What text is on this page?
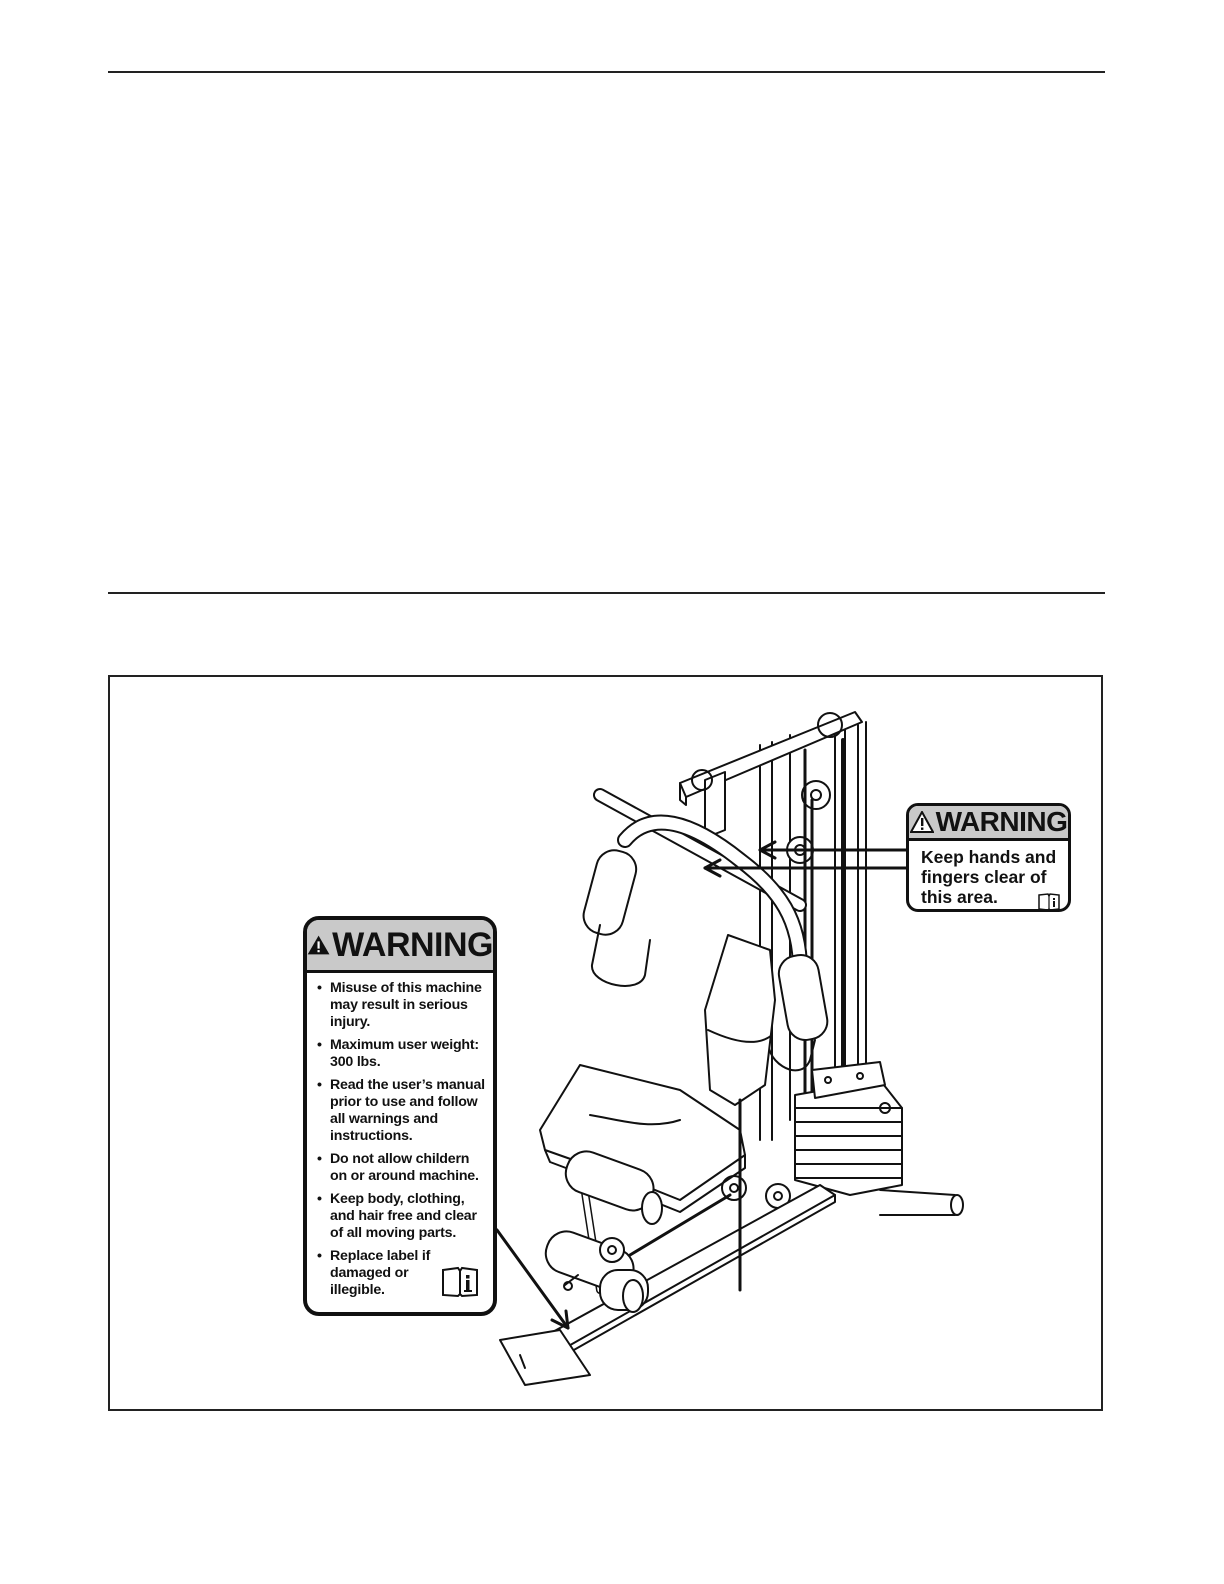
WARNING
Keep hands and
fingers clear of
this area.
WARNING
• Misuse of this machine may result in serious injury.
• Maximum user weight: 300 lbs.
• Read the user’s manual prior to use and follow all warnings and instructions.
• Do not allow childern on or around machine.
• Keep body, clothing, and hair free and clear of all moving parts.
• Replace label if damaged or illegible.
